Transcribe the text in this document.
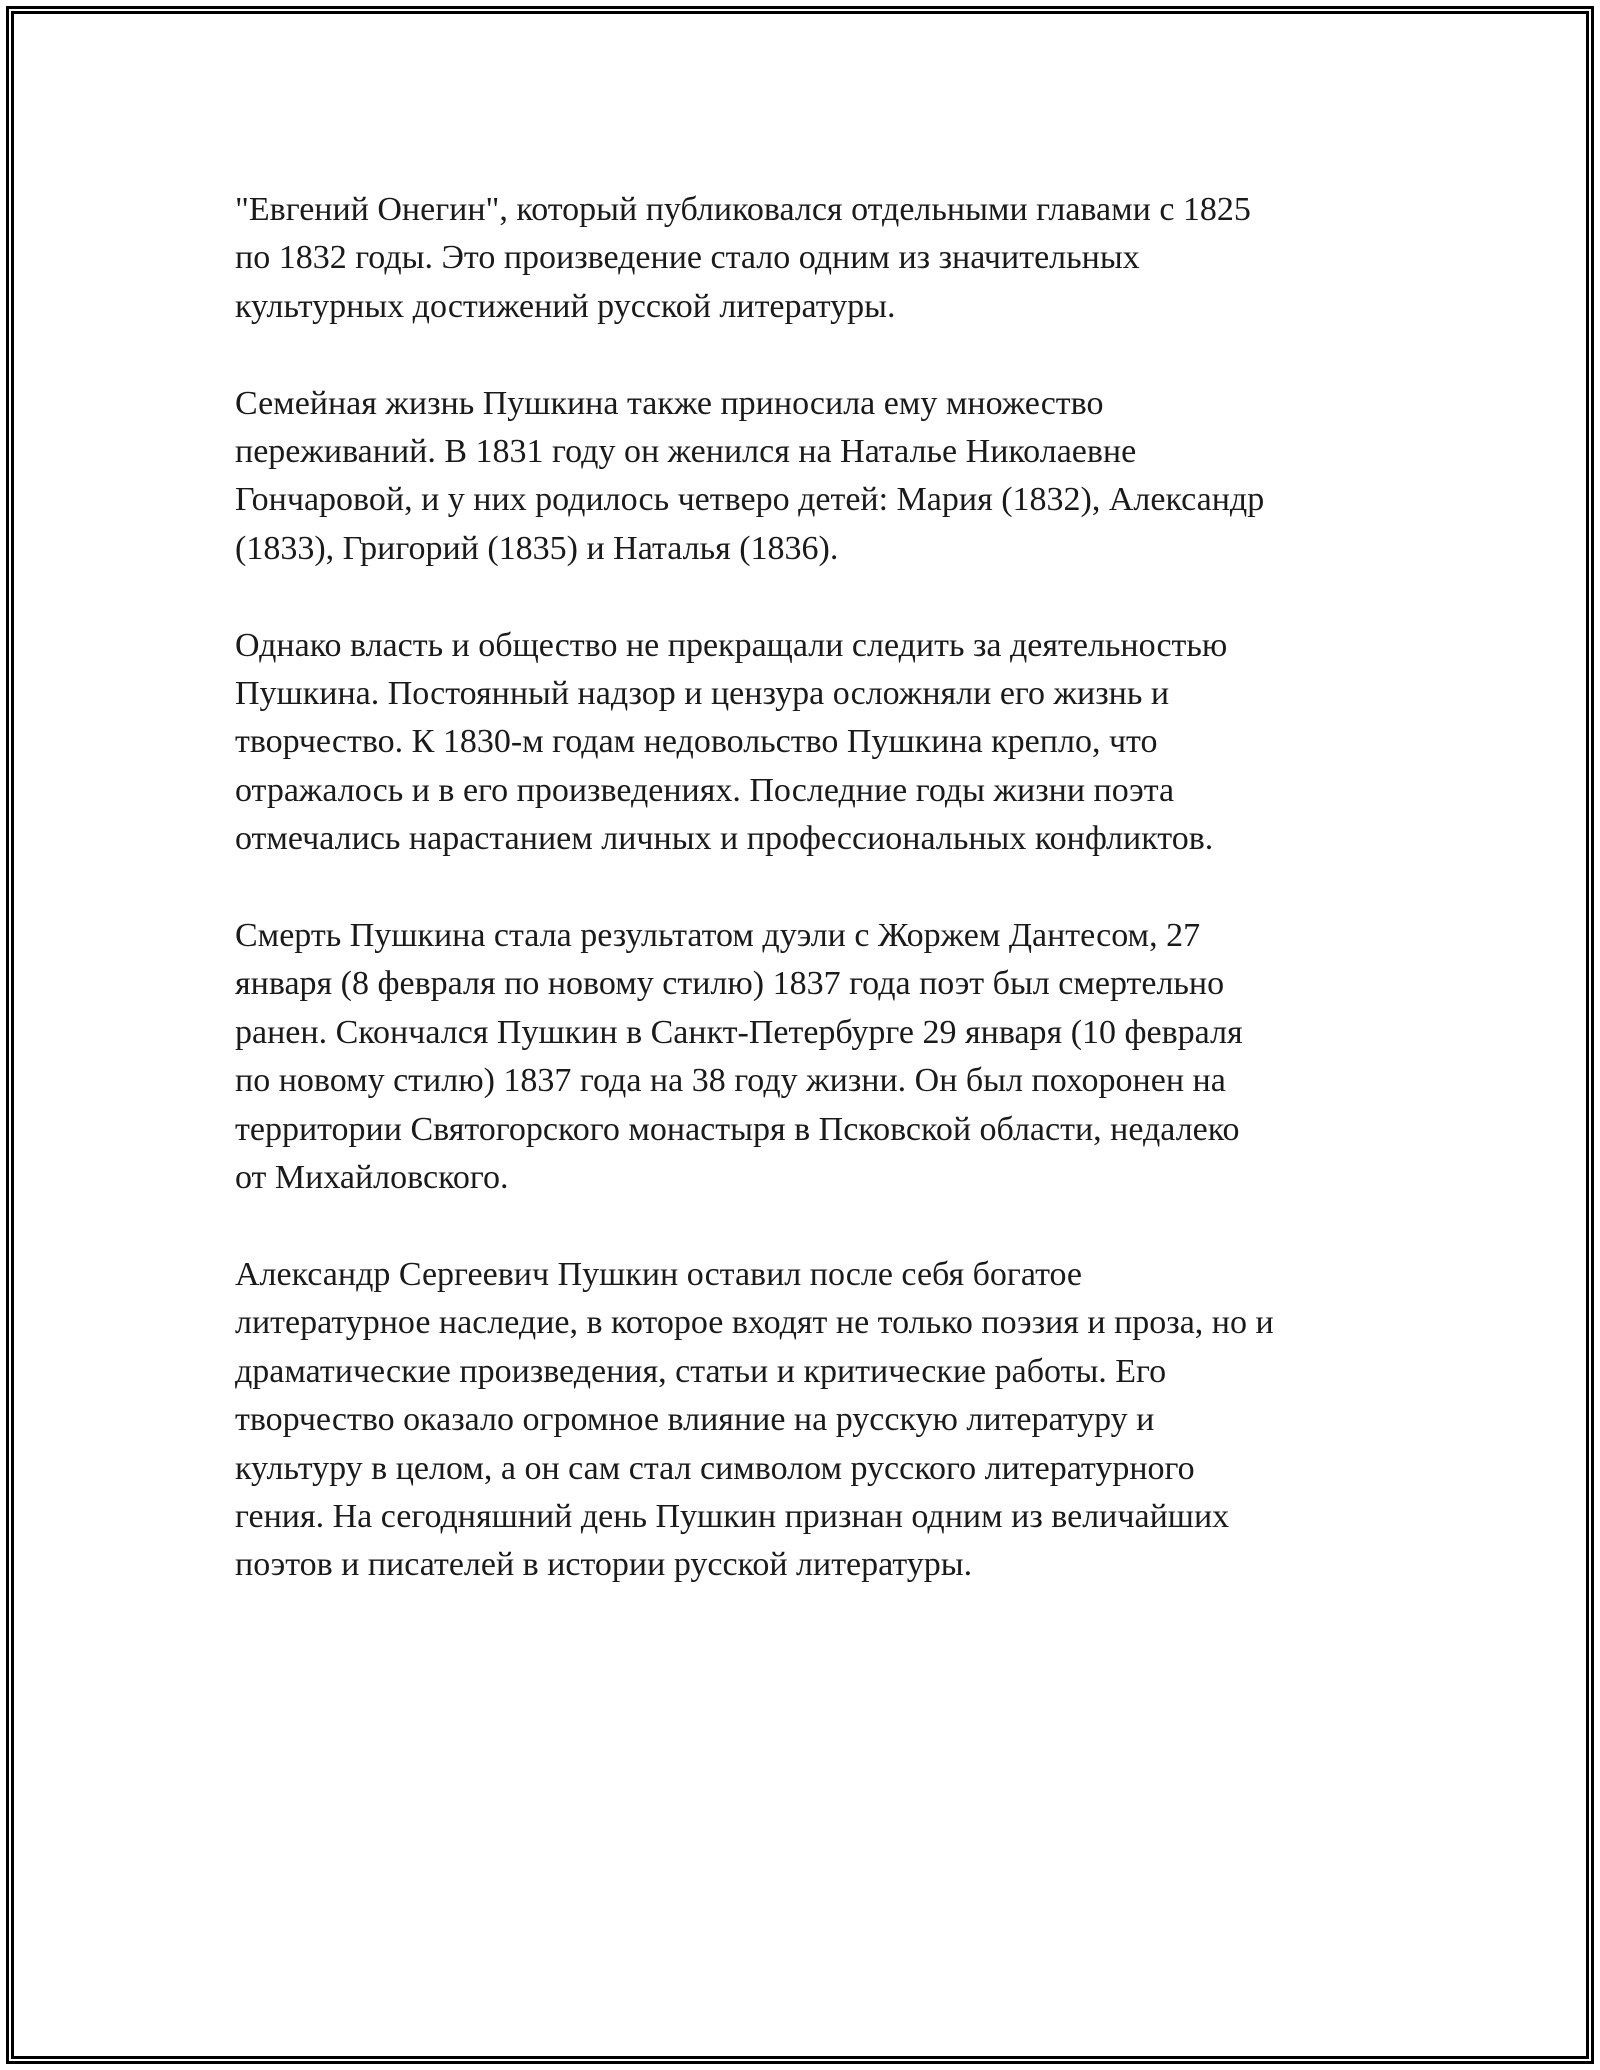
"Евгений Онегин", который публиковался отдельными главами с 1825
по 1832 годы. Это произведение стало одним из значительных
культурных достижений русской литературы.

Семейная жизнь Пушкина также приносила ему множество
переживаний. В 1831 году он женился на Наталье Николаевне
Гончаровой, и у них родилось четверо детей: Мария (1832), Александр
(1833), Григорий (1835) и Наталья (1836).

Однако власть и общество не прекращали следить за деятельностью
Пушкина. Постоянный надзор и цензура осложняли его жизнь и
творчество. К 1830-м годам недовольство Пушкина крепло, что
отражалось и в его произведениях. Последние годы жизни поэта
отмечались нарастанием личных и профессиональных конфликтов.

Смерть Пушкина стала результатом дуэли с Жоржем Дантесом, 27
января (8 февраля по новому стилю) 1837 года поэт был смертельно
ранен. Скончался Пушкин в Санкт-Петербурге 29 января (10 февраля
по новому стилю) 1837 года на 38 году жизни. Он был похоронен на
территории Святогорского монастыря в Псковской области, недалеко
от Михайловского.

Александр Сергеевич Пушкин оставил после себя богатое
литературное наследие, в которое входят не только поэзия и проза, но и
драматические произведения, статьи и критические работы. Его
творчество оказало огромное влияние на русскую литературу и
культуру в целом, а он сам стал символом русского литературного
гения. На сегодняшний день Пушкин признан одним из величайших
поэтов и писателей в истории русской литературы.
